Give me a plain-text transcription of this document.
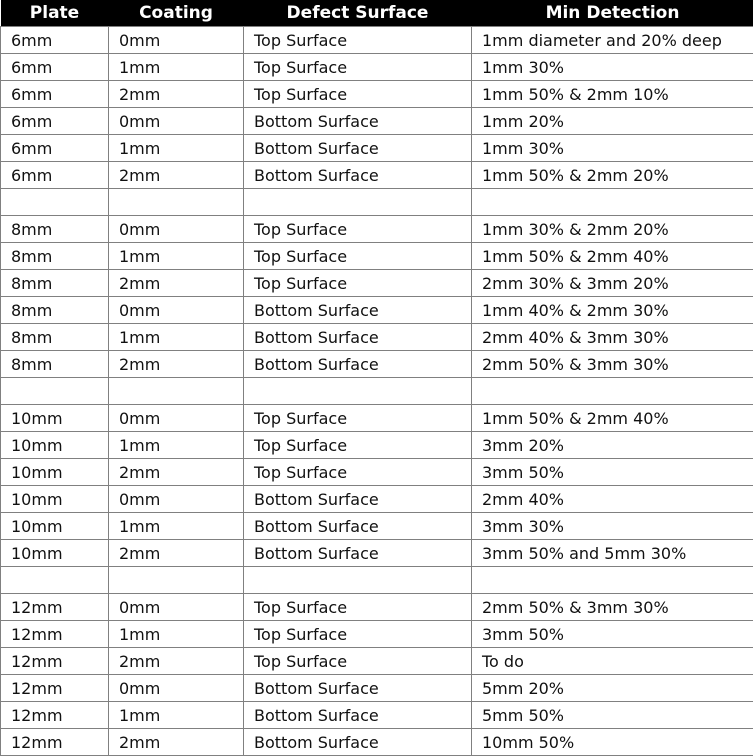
Plate	Coating	Defect Surface	Min Detection
6mm	0mm	Top Surface	1mm diameter and 20% deep
6mm	1mm	Top Surface	1mm 30%
6mm	2mm	Top Surface	1mm 50% & 2mm 10%
6mm	0mm	Bottom Surface	1mm 20%
6mm	1mm	Bottom Surface	1mm 30%
6mm	2mm	Bottom Surface	1mm 50% & 2mm 20%

8mm	0mm	Top Surface	1mm 30% & 2mm 20%
8mm	1mm	Top Surface	1mm 50% & 2mm 40%
8mm	2mm	Top Surface	2mm 30% & 3mm 20%
8mm	0mm	Bottom Surface	1mm 40% & 2mm 30%
8mm	1mm	Bottom Surface	2mm 40% & 3mm 30%
8mm	2mm	Bottom Surface	2mm 50% & 3mm 30%

10mm	0mm	Top Surface	1mm 50% & 2mm 40%
10mm	1mm	Top Surface	3mm 20%
10mm	2mm	Top Surface	3mm 50%
10mm	0mm	Bottom Surface	2mm 40%
10mm	1mm	Bottom Surface	3mm 30%
10mm	2mm	Bottom Surface	3mm 50% and 5mm 30%

12mm	0mm	Top Surface	2mm 50% & 3mm 30%
12mm	1mm	Top Surface	3mm 50%
12mm	2mm	Top Surface	To do
12mm	0mm	Bottom Surface	5mm 20%
12mm	1mm	Bottom Surface	5mm 50%
12mm	2mm	Bottom Surface	10mm 50%
